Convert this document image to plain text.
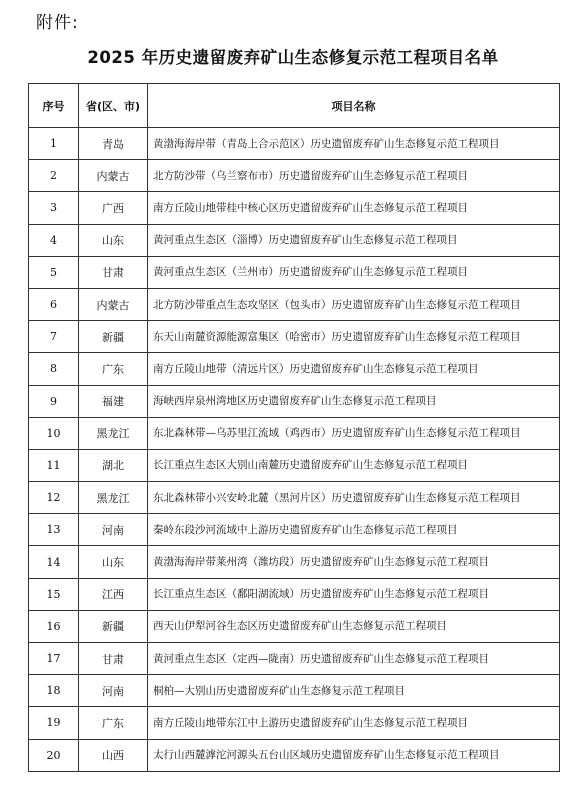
附件:
2025 年历史遗留废弃矿山生态修复示范工程项目名单
序号	省(区、市)	项目名称
1	青岛	黄渤海海岸带（青岛上合示范区）历史遗留废弃矿山生态修复示范工程项目
2	内蒙古	北方防沙带（乌兰察布市）历史遗留废弃矿山生态修复示范工程项目
3	广西	南方丘陵山地带桂中核心区历史遗留废弃矿山生态修复示范工程项目
4	山东	黄河重点生态区（淄博）历史遗留废弃矿山生态修复示范工程项目
5	甘肃	黄河重点生态区（兰州市）历史遗留废弃矿山生态修复示范工程项目
6	内蒙古	北方防沙带重点生态攻坚区（包头市）历史遗留废弃矿山生态修复示范工程项目
7	新疆	东天山南麓资源能源富集区（哈密市）历史遗留废弃矿山生态修复示范工程项目
8	广东	南方丘陵山地带（清远片区）历史遗留废弃矿山生态修复示范工程项目
9	福建	海峡西岸泉州湾地区历史遗留废弃矿山生态修复示范工程项目
10	黑龙江	东北森林带—乌苏里江流域（鸡西市）历史遗留废弃矿山生态修复示范工程项目
11	湖北	长江重点生态区大别山南麓历史遗留废弃矿山生态修复示范工程项目
12	黑龙江	东北森林带小兴安岭北麓（黑河片区）历史遗留废弃矿山生态修复示范工程项目
13	河南	秦岭东段沙河流域中上游历史遗留废弃矿山生态修复示范工程项目
14	山东	黄渤海海岸带莱州湾（潍坊段）历史遗留废弃矿山生态修复示范工程项目
15	江西	长江重点生态区（鄱阳湖流域）历史遗留废弃矿山生态修复示范工程项目
16	新疆	西天山伊犁河谷生态区历史遗留废弃矿山生态修复示范工程项目
17	甘肃	黄河重点生态区（定西—陇南）历史遗留废弃矿山生态修复示范工程项目
18	河南	桐柏—大别山历史遗留废弃矿山生态修复示范工程项目
19	广东	南方丘陵山地带东江中上游历史遗留废弃矿山生态修复示范工程项目
20	山西	太行山西麓滹沱河源头五台山区域历史遗留废弃矿山生态修复示范工程项目
